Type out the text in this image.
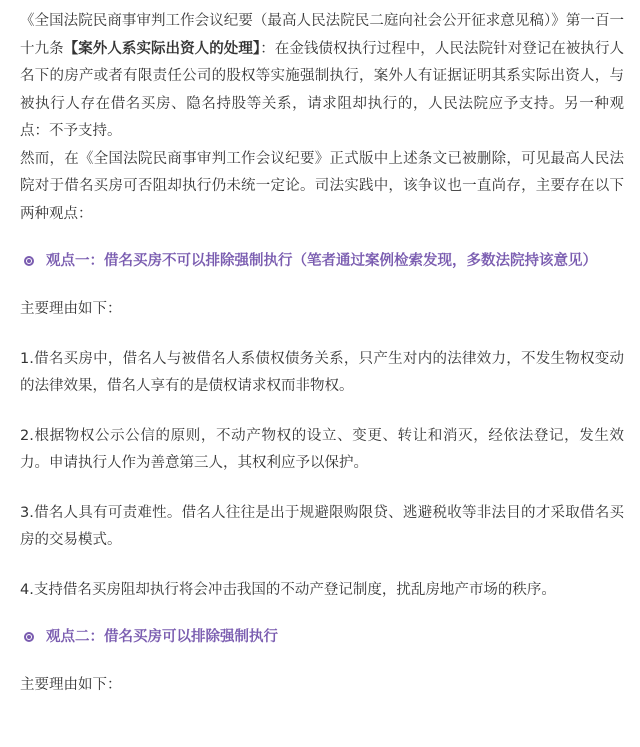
《全国法院民商事审判工作会议纪要（最高人民法院民二庭向社会公开征求意见稿）》第一百一十九条【案外人系实际出资人的处理】：在金钱债权执行过程中，人民法院针对登记在被执行人名下的房产或者有限责任公司的股权等实施强制执行，案外人有证据证明其系实际出资人，与被执行人存在借名买房、隐名持股等关系，请求阻却执行的，人民法院应予支持。另一种观点：不予支持。

然而，在《全国法院民商事审判工作会议纪要》正式版中上述条文已被删除，可见最高人民法院对于借名买房可否阻却执行仍未统一定论。司法实践中，该争议也一直尚存，主要存在以下两种观点：

观点一：借名买房不可以排除强制执行（笔者通过案例检索发现，多数法院持该意见）

主要理由如下：

1.借名买房中，借名人与被借名人系债权债务关系，只产生对内的法律效力，不发生物权变动的法律效果，借名人享有的是债权请求权而非物权。

2.根据物权公示公信的原则，不动产物权的设立、变更、转让和消灭，经依法登记，发生效力。申请执行人作为善意第三人，其权利应予以保护。

3.借名人具有可责难性。借名人往往是出于规避限购限贷、逃避税收等非法目的才采取借名买房的交易模式。

4.支持借名买房阻却执行将会冲击我国的不动产登记制度，扰乱房地产市场的秩序。

观点二：借名买房可以排除强制执行

主要理由如下：
